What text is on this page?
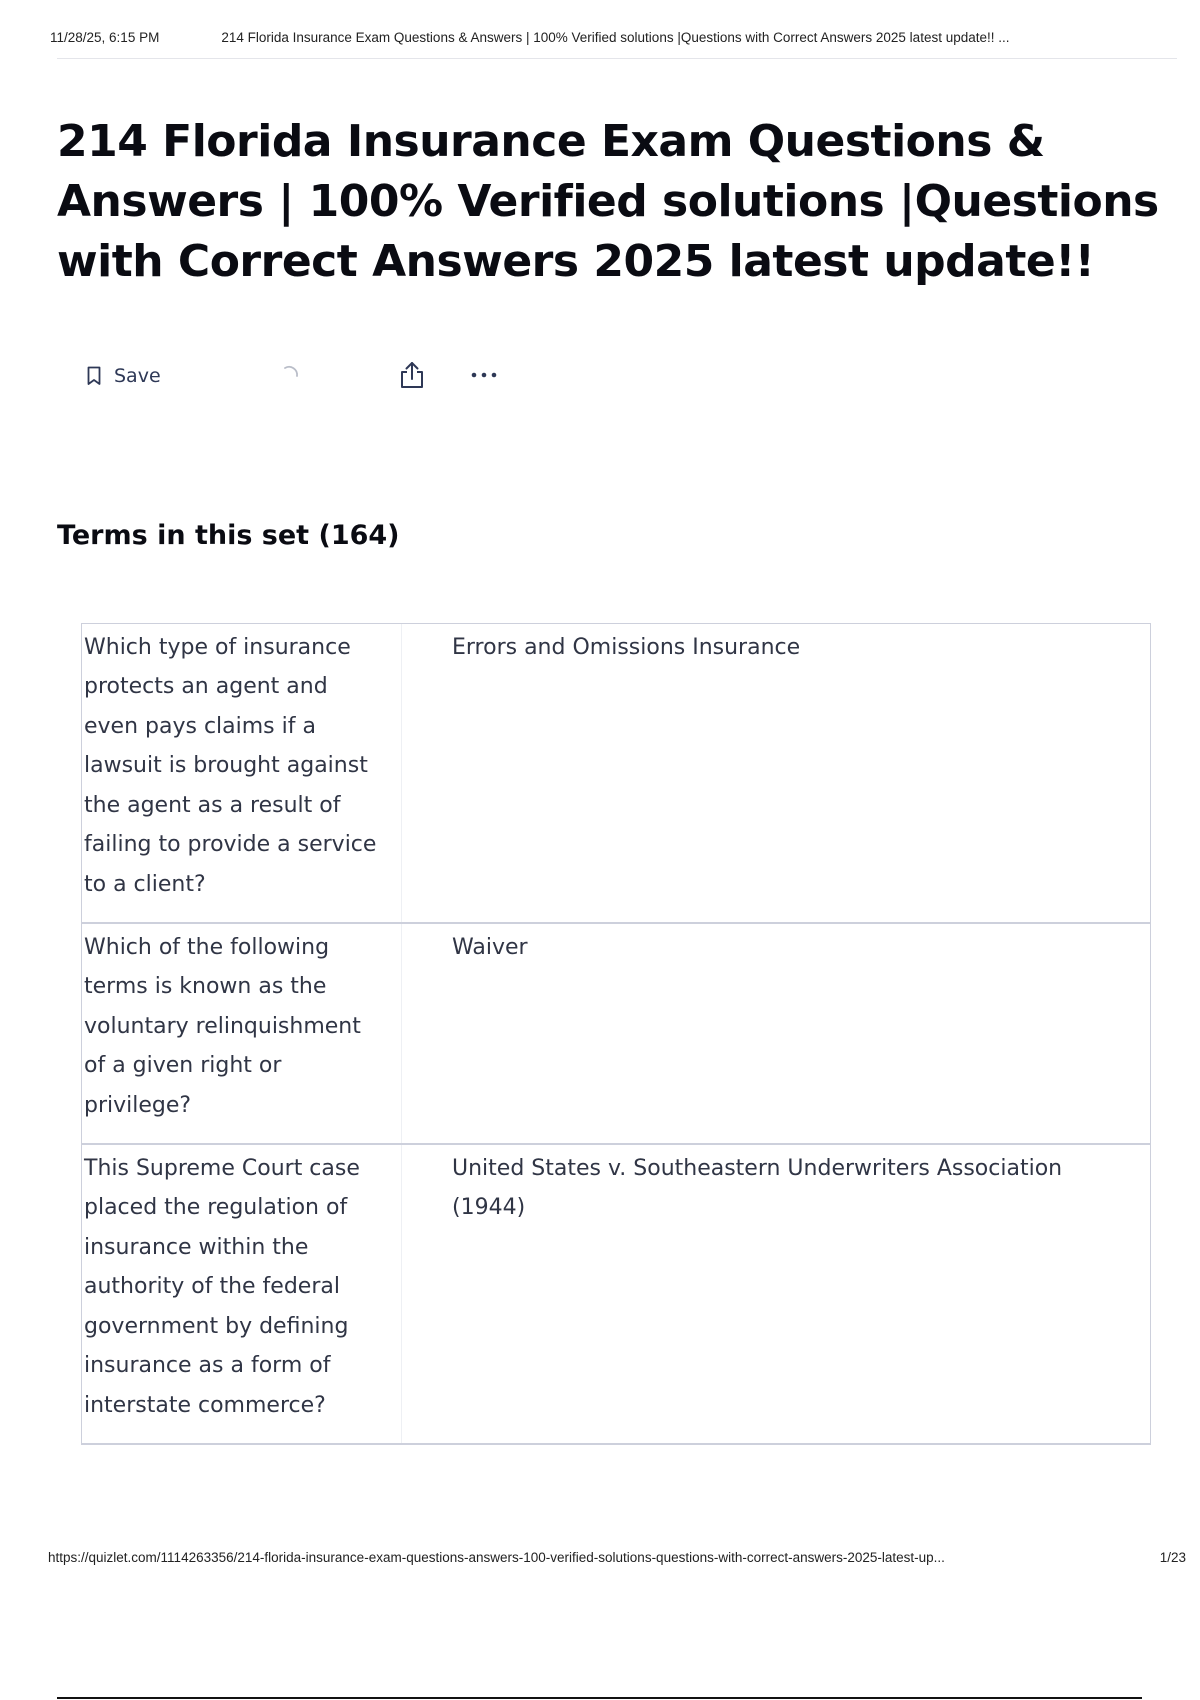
11/28/25, 6:15 PM	214 Florida Insurance Exam Questions & Answers | 100% Verified solutions |Questions with Correct Answers 2025 latest update!! ...
214 Florida Insurance Exam Questions & Answers | 100% Verified solutions |Questions with Correct Answers 2025 latest update!!
Save
Terms in this set (164)
Which type of insurance protects an agent and even pays claims if a lawsuit is brought against the agent as a result of failing to provide a service to a client?
Errors and Omissions Insurance
Which of the following terms is known as the voluntary relinquishment of a given right or privilege?
Waiver
This Supreme Court case placed the regulation of insurance within the authority of the federal government by defining insurance as a form of interstate commerce?
United States v. Southeastern Underwriters Association (1944)
https://quizlet.com/1114263356/214-florida-insurance-exam-questions-answers-100-verified-solutions-questions-with-correct-answers-2025-latest-up...	1/23
